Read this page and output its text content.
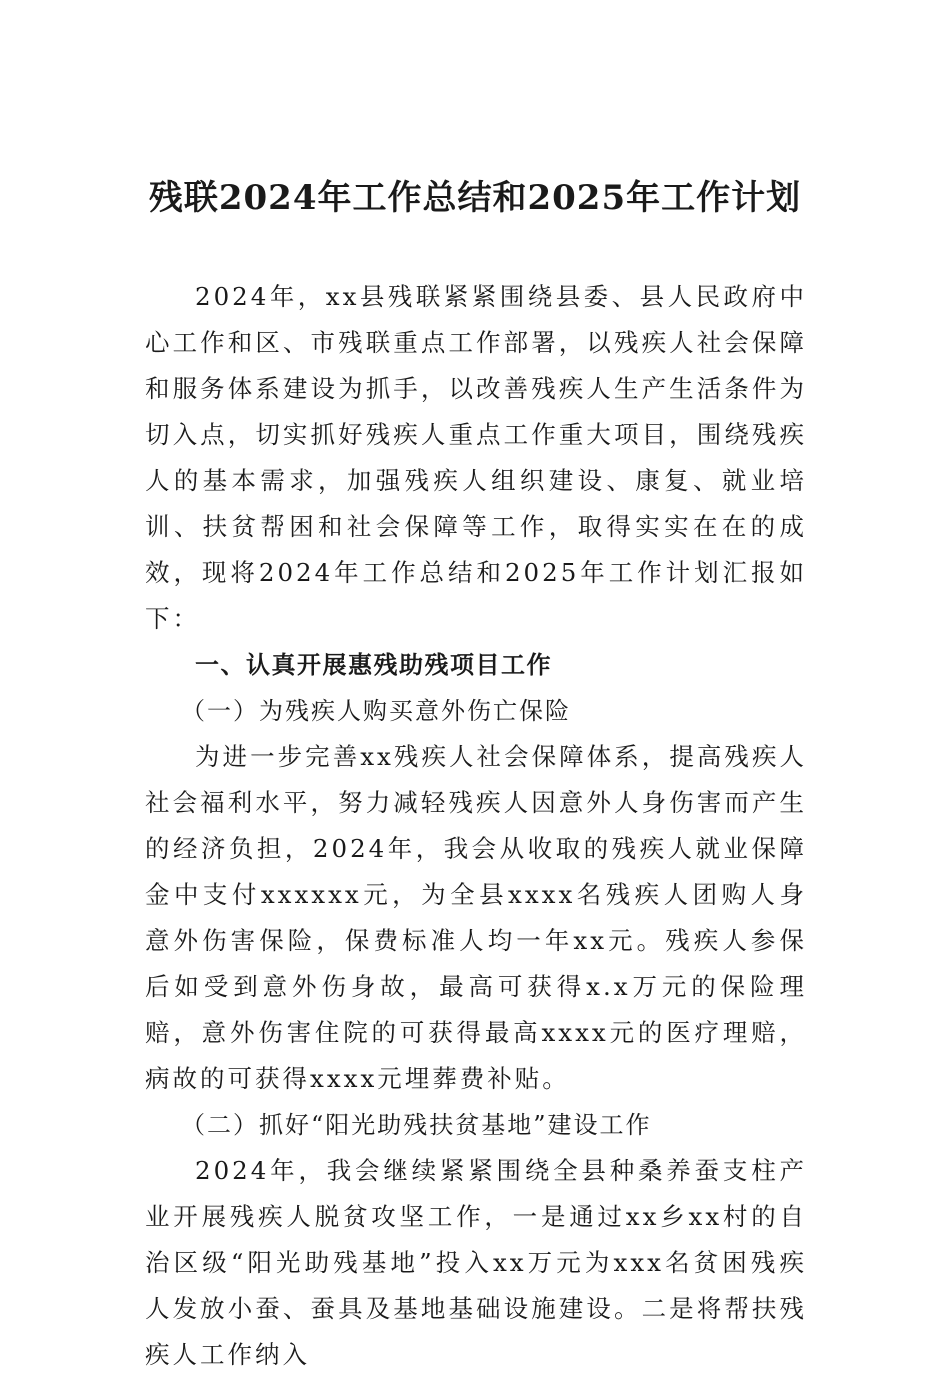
残联2024年工作总结和2025年工作计划

2024年，xx县残联紧紧围绕县委、县人民政府中心工作和区、市残联重点工作部署，以残疾人社会保障和服务体系建设为抓手，以改善残疾人生产生活条件为切入点，切实抓好残疾人重点工作重大项目，围绕残疾人的基本需求，加强残疾人组织建设、康复、就业培训、扶贫帮困和社会保障等工作，取得实实在在的成效，现将2024年工作总结和2025年工作计划汇报如下：

一、认真开展惠残助残项目工作

（一）为残疾人购买意外伤亡保险

为进一步完善xx残疾人社会保障体系，提高残疾人社会福利水平，努力减轻残疾人因意外人身伤害而产生的经济负担，2024年，我会从收取的残疾人就业保障金中支付xxxxxx元，为全县xxxx名残疾人团购人身意外伤害保险，保费标准人均一年xx元。残疾人参保后如受到意外伤身故，最高可获得x.x万元的保险理赔，意外伤害住院的可获得最高xxxx元的医疗理赔，病故的可获得xxxx元埋葬费补贴。

（二）抓好“阳光助残扶贫基地”建设工作

2024年，我会继续紧紧围绕全县种桑养蚕支柱产业开展残疾人脱贫攻坚工作，一是通过xx乡xx村的自治区级“阳光助残基地”投入xx万元为xxx名贫困残疾人发放小蚕、蚕具及基地基础设施建设。二是将帮扶残疾人工作纳入
